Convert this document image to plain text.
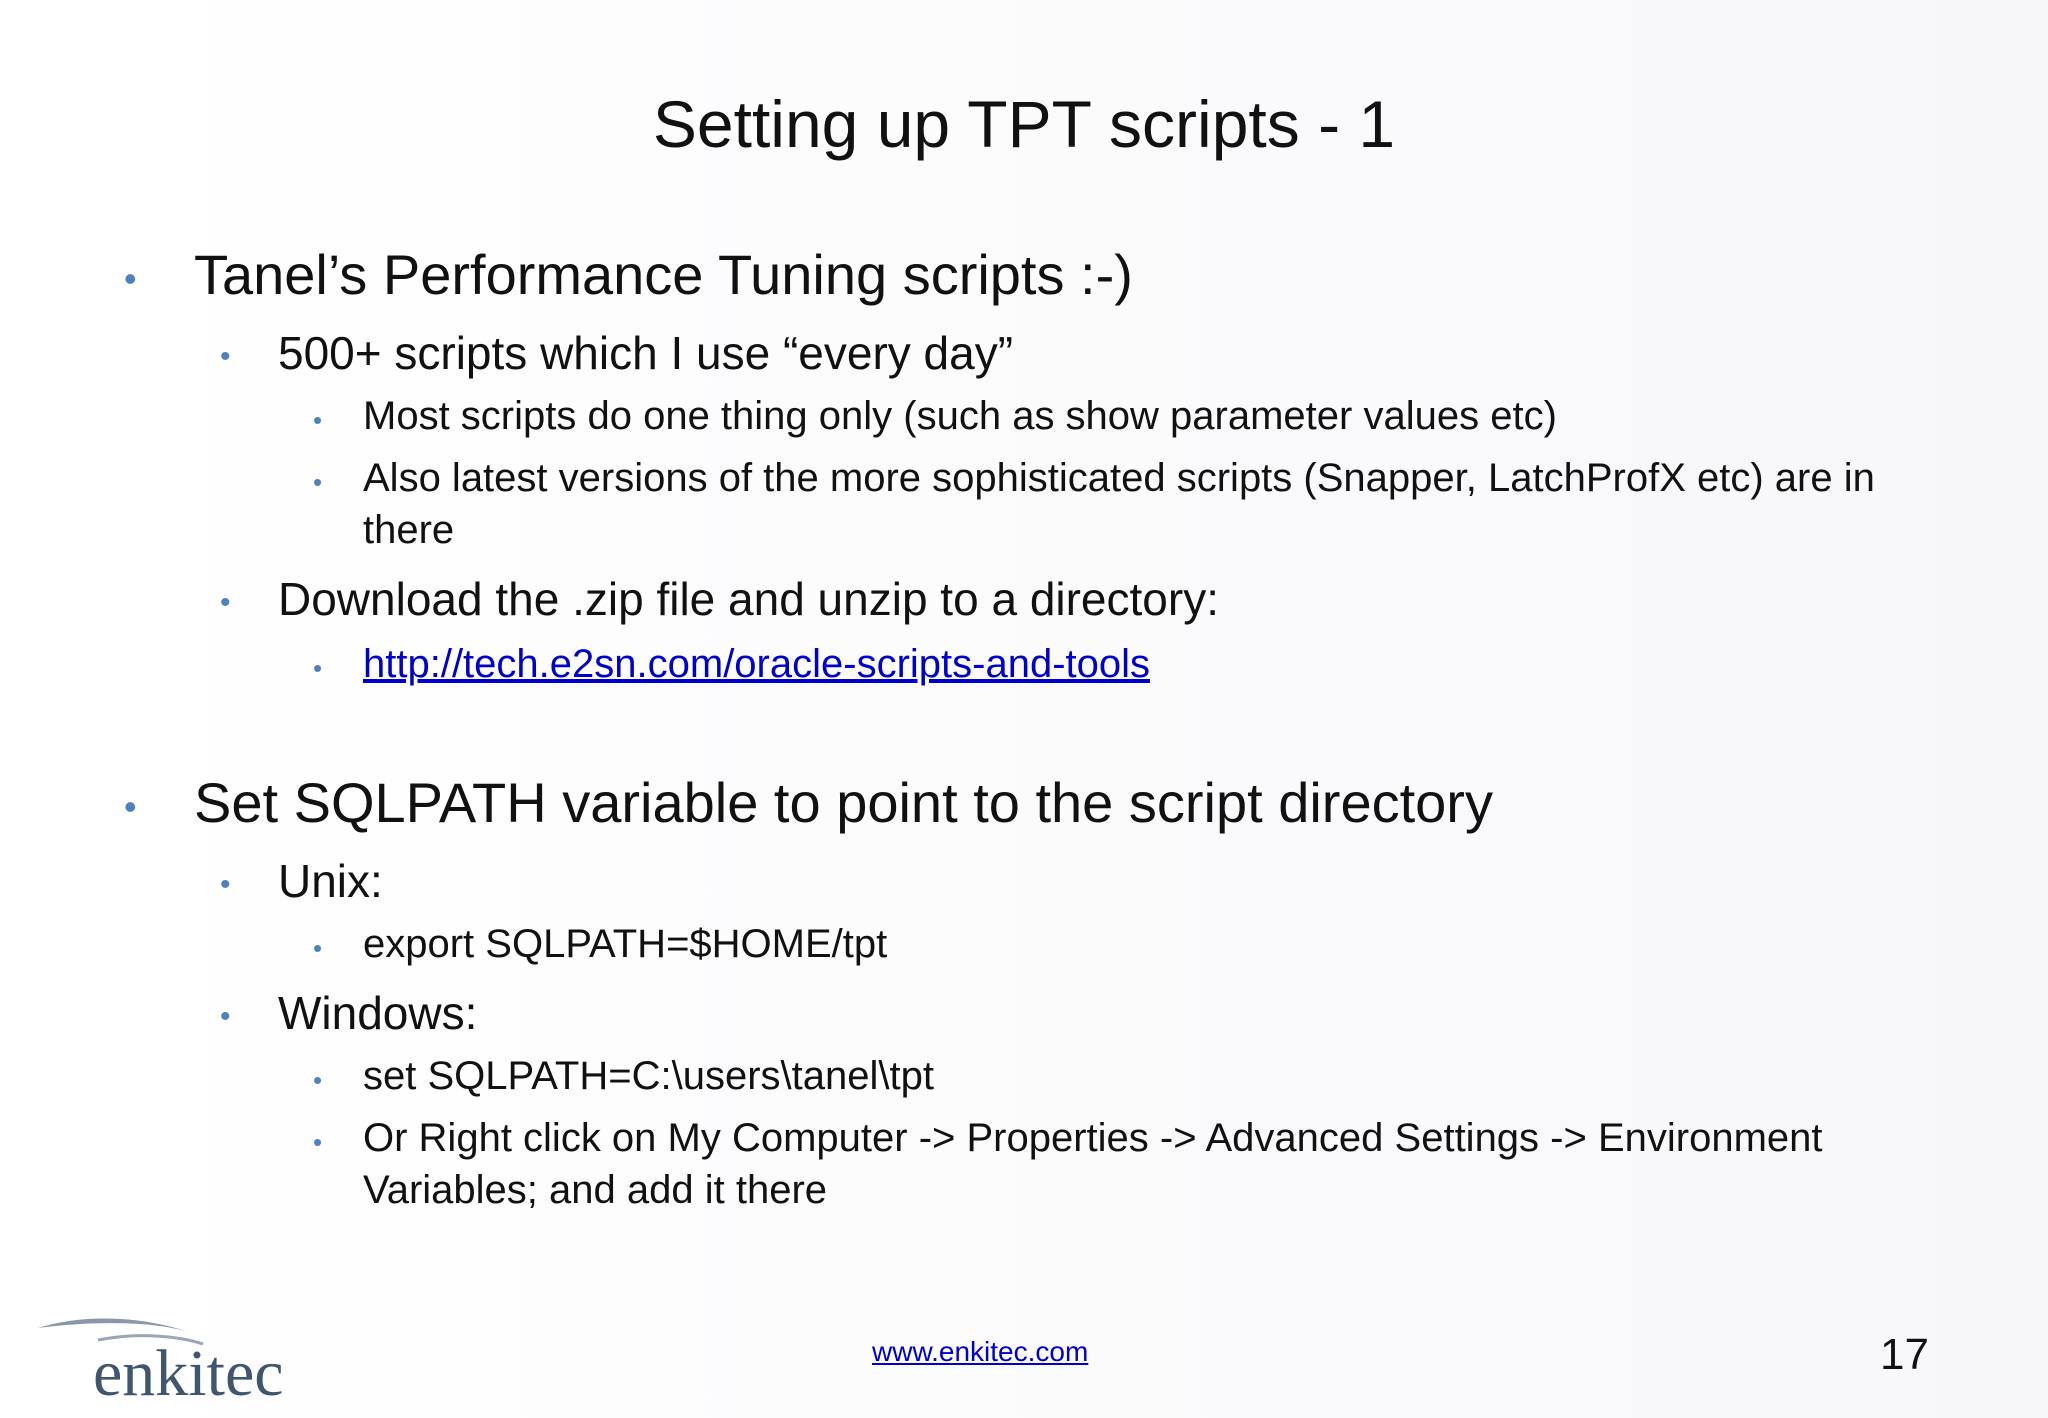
Setting up TPT scripts - 1
• Tanel’s Performance Tuning scripts :-)
• 500+ scripts which I use “every day”
• Most scripts do one thing only (such as show parameter values etc)
• Also latest versions of the more sophisticated scripts (Snapper, LatchProfX etc) are in there
• Download the .zip file and unzip to a directory:
• http://tech.e2sn.com/oracle-scripts-and-tools
• Set SQLPATH variable to point to the script directory
• Unix:
• export SQLPATH=$HOME/tpt
• Windows:
• set SQLPATH=C:\users\tanel\tpt
• Or Right click on My Computer -> Properties -> Advanced Settings -> Environment Variables; and add it there
enkitec	www.enkitec.com	17
